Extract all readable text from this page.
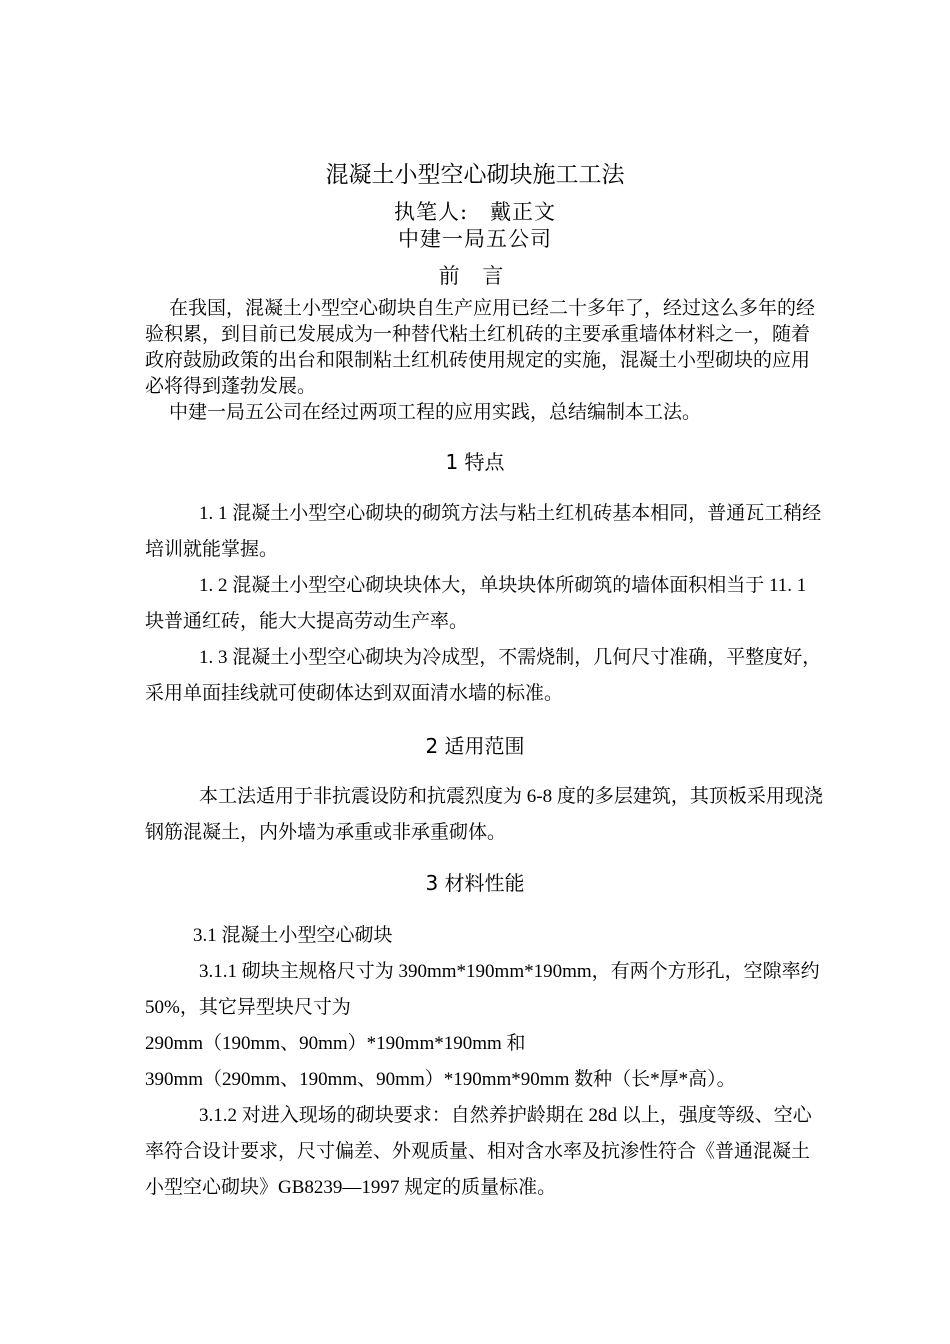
混凝土小型空心砌块施工工法
执笔人:　戴正文
中建一局五公司
前 言

在我国，混凝土小型空心砌块自生产应用已经二十多年了，经过这么多年的经验积累，到目前已发展成为一种替代粘土红机砖的主要承重墙体材料之一，随着政府鼓励政策的出台和限制粘土红机砖使用规定的实施，混凝土小型砌块的应用必将得到蓬勃发展。

中建一局五公司在经过两项工程的应用实践，总结编制本工法。

1 特点

1. 1 混凝土小型空心砌块的砌筑方法与粘土红机砖基本相同，普通瓦工稍经培训就能掌握。

1. 2 混凝土小型空心砌块块体大，单块块体所砌筑的墙体面积相当于 11. 1 块普通红砖，能大大提高劳动生产率。

1. 3 混凝土小型空心砌块为冷成型，不需烧制，几何尺寸准确，平整度好，采用单面挂线就可使砌体达到双面清水墙的标准。

2 适用范围

本工法适用于非抗震设防和抗震烈度为 6-8 度的多层建筑，其顶板采用现浇钢筋混凝土，内外墙为承重或非承重砌体。

3 材料性能

3.1 混凝土小型空心砌块

3.1.1 砌块主规格尺寸为 390mm*190mm*190mm，有两个方形孔，空隙率约 50%，其它异型块尺寸为

290mm（190mm、90mm）*190mm*190mm 和

390mm（290mm、190mm、90mm）*190mm*90mm 数种（长*厚*高）。

3.1.2 对进入现场的砌块要求：自然养护龄期在 28d 以上，强度等级、空心率符合设计要求，尺寸偏差、外观质量、相对含水率及抗渗性符合《普通混凝土小型空心砌块》GB8239—1997 规定的质量标准。
